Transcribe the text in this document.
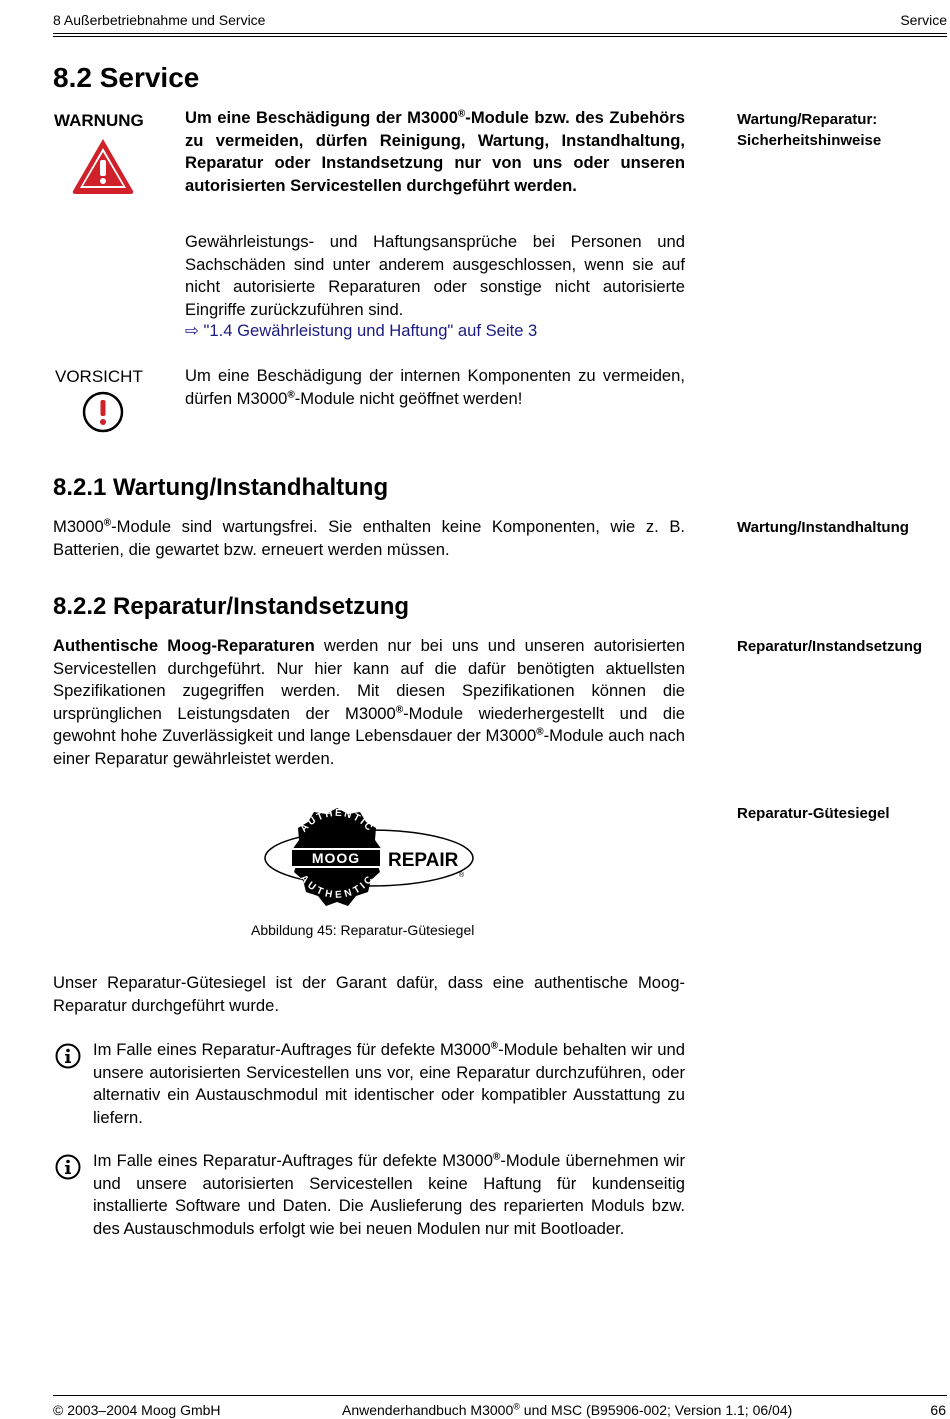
8 Außerbetriebnahme und Service	Service
8.2 Service
WARNUNG Um eine Beschädigung der M3000®-Module bzw. des Zubehörs zu vermeiden, dürfen Reinigung, Wartung, Instandhaltung, Reparatur oder Instandsetzung nur von uns oder unseren autorisierten Servicestellen durchgeführt werden.
Gewährleistungs- und Haftungsansprüche bei Personen und Sachschäden sind unter anderem ausgeschlossen, wenn sie auf nicht autorisierte Reparaturen oder sonstige nicht autorisierte Eingriffe zurückzuführen sind.
⇨ "1.4 Gewährleistung und Haftung" auf Seite 3
Wartung/Reparatur:
Sicherheitshinweise
VORSICHT	Um eine Beschädigung der internen Komponenten zu vermeiden, dürfen M3000®-Module nicht geöffnet werden!
8.2.1 Wartung/Instandhaltung
M3000®-Module sind wartungsfrei. Sie enthalten keine Komponenten, wie z. B. Batterien, die gewartet bzw. erneuert werden müssen.
Wartung/Instandhaltung
8.2.2 Reparatur/Instandsetzung
Authentische Moog-Reparaturen werden nur bei uns und unseren autorisierten Servicestellen durchgeführt. Nur hier kann auf die dafür benötigten aktuellsten Spezifikationen zugegriffen werden. Mit diesen Spezifikationen können die ursprünglichen Leistungsdaten der M3000®-Module wiederhergestellt und die gewohnt hohe Zuverlässigkeit und lange Lebensdauer der M3000®-Module auch nach einer Reparatur gewährleistet werden.
Reparatur/Instandsetzung
Reparatur-Gütesiegel
MOOG
AUTHENTIC
AUTHENTIC
REPAIR
®
Abbildung 45: Reparatur-Gütesiegel
Unser Reparatur-Gütesiegel ist der Garant dafür, dass eine authentische Moog-Reparatur durchgeführt wurde.
Im Falle eines Reparatur-Auftrages für defekte M3000®-Module behalten wir und unsere autorisierten Servicestellen uns vor, eine Reparatur durchzuführen, oder alternativ ein Austauschmodul mit identischer oder kompatibler Ausstattung zu liefern.
Im Falle eines Reparatur-Auftrages für defekte M3000®-Module übernehmen wir und unsere autorisierten Servicestellen keine Haftung für kundenseitig installierte Software und Daten. Die Auslieferung des reparierten Moduls bzw. des Austauschmoduls erfolgt wie bei neuen Modulen nur mit Bootloader.
© 2003–2004 Moog GmbH	Anwenderhandbuch M3000® und MSC (B95906-002; Version 1.1; 06/04)	66
